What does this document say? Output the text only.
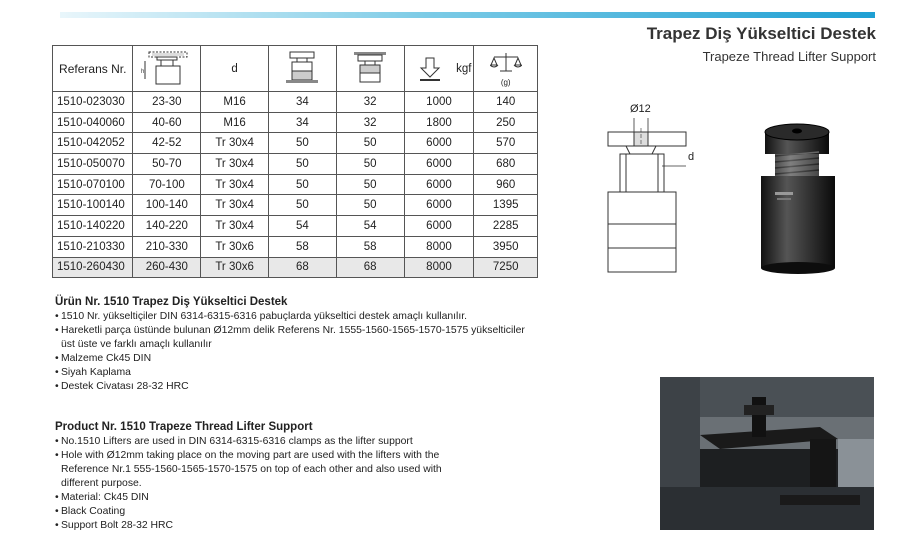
Trapez Diş Yükseltici Destek
Trapeze Thread Lifter Support
Referans Nr.	h	d			kgf	(g)

1510-023030	23-30	M16	34	32	1000	140
1510-040060	40-60	M16	34	32	1800	250
1510-042052	42-52	Tr 30x4	50	50	6000	570
1510-050070	50-70	Tr 30x4	50	50	6000	680
1510-070100	70-100	Tr 30x4	50	50	6000	960
1510-100140	100-140	Tr 30x4	50	50	6000	1395
1510-140220	140-220	Tr 30x4	54	54	6000	2285
1510-210330	210-330	Tr 30x6	58	58	8000	3950
1510-260430	260-430	Tr 30x6	68	68	8000	7250
Ø12
d
Ürün Nr. 1510 Trapez Diş Yükseltici Destek
• 1510 Nr. yükseltiçiler DIN 6314-6315-6316 pabuçlarda yükseltici destek amaçlı kullanılır.
• Hareketli parça üstünde bulunan Ø12mm delik Referens Nr. 1555-1560-1565-1570-1575 yükselticiler üst üste ve farklı amaçlı kullanılır
• Malzeme Ck45 DIN
• Siyah Kaplama
• Destek Civatası 28-32 HRC
Product Nr. 1510 Trapeze Thread Lifter Support
• No.1510 Lifters are used in DIN 6314-6315-6316 clamps as the lifter support
• Hole with Ø12mm taking place on the moving part are used with the lifters with the Reference Nr.1 555-1560-1565-1570-1575 on top of each other and also used with different purpose.
• Material: Ck45 DIN
• Black Coating
• Support Bolt 28-32 HRC
